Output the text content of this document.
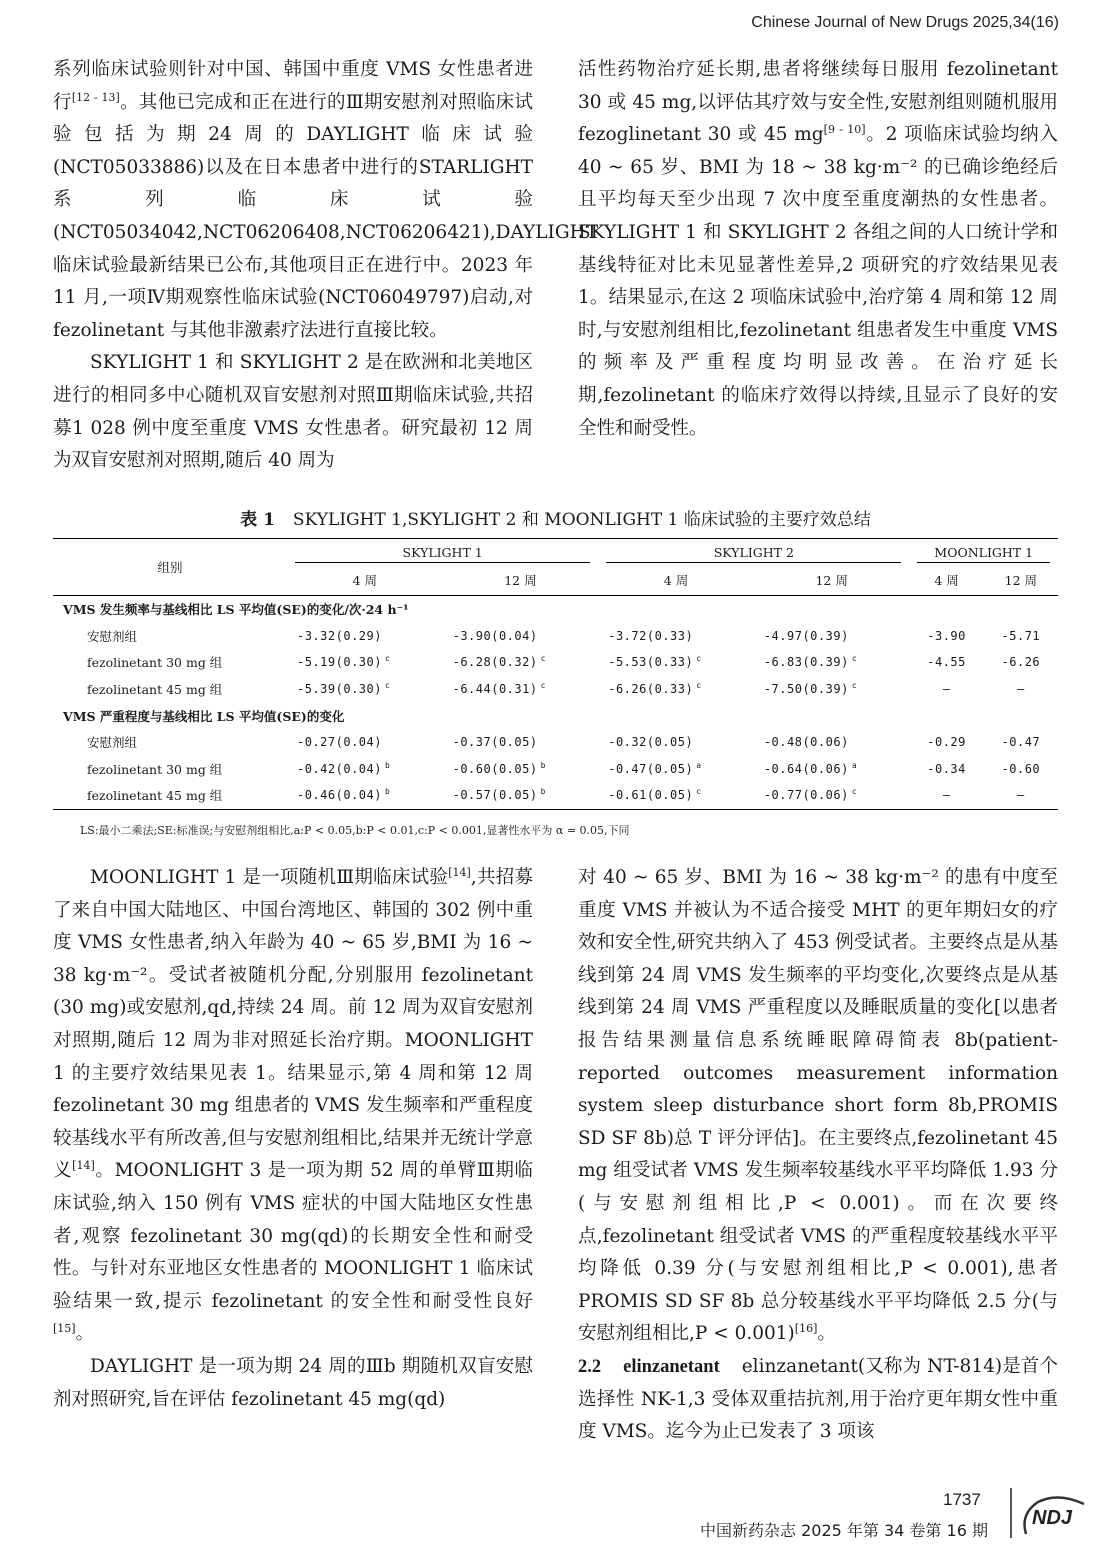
Chinese Journal of New Drugs 2025,34(16)

系列临床试验则针对中国、韩国中重度 VMS 女性患者进行[12 - 13]。其他已完成和正在进行的Ⅲ期安慰剂对照临床试验包括为期24周的DAYLIGHT临床试验(NCT05033886)以及在日本患者中进行的STARLIGHT系列临床试验(NCT05034042,NCT06206408,NCT06206421),DAYLIGHT临床试验最新结果已公布,其他项目正在进行中。2023 年 11 月,一项Ⅳ期观察性临床试验(NCT06049797)启动,对 fezolinetant 与其他非激素疗法进行直接比较。

SKYLIGHT 1 和 SKYLIGHT 2 是在欧洲和北美地区进行的相同多中心随机双盲安慰剂对照Ⅲ期临床试验,共招募1 028 例中度至重度 VMS 女性患者。研究最初 12 周为双盲安慰剂对照期,随后 40 周为

活性药物治疗延长期,患者将继续每日服用 fezolinetant 30 或 45 mg,以评估其疗效与安全性,安慰剂组则随机服用 fezoglinetant 30 或 45 mg[9 - 10]。2 项临床试验均纳入 40 ~ 65 岁、BMI 为 18 ~ 38 kg·m⁻² 的已确诊绝经后且平均每天至少出现 7 次中度至重度潮热的女性患者。SKYLIGHT 1 和 SKYLIGHT 2 各组之间的人口统计学和基线特征对比未见显著性差异,2 项研究的疗效结果见表 1。结果显示,在这 2 项临床试验中,治疗第 4 周和第 12 周时,与安慰剂组相比,fezolinetant 组患者发生中重度 VMS 的频率及严重程度均明显改善。在治疗延长期,fezolinetant 的临床疗效得以持续,且显示了良好的安全性和耐受性。

表 1 SKYLIGHT 1,SKYLIGHT 2 和 MOONLIGHT 1 临床试验的主要疗效总结
组别	SKYLIGHT 1		SKYLIGHT 2		MOONLIGHT 1	
	4 周	12 周	4 周	12 周	4 周	12 周
VMS 发生频率与基线相比 LS 平均值(SE)的变化/次·24 h⁻¹						
安慰剂组	-3.32(0.29)	-3.90(0.04)	-3.72(0.33)	-4.97(0.39)	-3.90	-5.71
fezolinetant 30 mg 组	-5.19(0.30) $^c$	-6.28(0.32) $^c$	-5.53(0.33) $^c$	-6.83(0.39) $^c$	-4.55	-6.26
fezolinetant 45 mg 组	-5.39(0.30) $^c$	-6.44(0.31) $^c$	-6.26(0.33) $^c$	-7.50(0.39) $^c$	—	—
VMS 严重程度与基线相比 LS 平均值(SE)的变化						
安慰剂组	-0.27(0.04)	-0.37(0.05)	-0.32(0.05)	-0.48(0.06)	-0.29	-0.47
fezolinetant 30 mg 组	-0.42(0.04) $^b$	-0.60(0.05) $^b$	-0.47(0.05) $^a$	-0.64(0.06) $^a$	-0.34	-0.60
fezolinetant 45 mg 组	-0.46(0.04) $^b$	-0.57(0.05) $^b$	-0.61(0.05) $^c$	-0.77(0.06) $^c$	—	—
LS:最小二乘法;SE:标准误;与安慰剂组相比,a:P < 0.05,b:P < 0.01,c:P < 0.001,显著性水平为 α = 0.05,下同

MOONLIGHT 1 是一项随机Ⅲ期临床试验[14],共招募了来自中国大陆地区、中国台湾地区、韩国的 302 例中重度 VMS 女性患者,纳入年龄为 40 ~ 65 岁,BMI 为 16 ~ 38 kg·m⁻²。受试者被随机分配,分别服用 fezolinetant (30 mg)或安慰剂,qd,持续 24 周。前 12 周为双盲安慰剂对照期,随后 12 周为非对照延长治疗期。MOONLIGHT 1 的主要疗效结果见表 1。结果显示,第 4 周和第 12 周 fezolinetant 30 mg 组患者的 VMS 发生频率和严重程度较基线水平有所改善,但与安慰剂组相比,结果并无统计学意义[14]。MOONLIGHT 3 是一项为期 52 周的单臂Ⅲ期临床试验,纳入 150 例有 VMS 症状的中国大陆地区女性患者,观察 fezolinetant 30 mg(qd)的长期安全性和耐受性。与针对东亚地区女性患者的 MOONLIGHT 1 临床试验结果一致,提示 fezolinetant 的安全性和耐受性良好[15]。

DAYLIGHT 是一项为期 24 周的Ⅲb 期随机双盲安慰剂对照研究,旨在评估 fezolinetant 45 mg(qd)

对 40 ~ 65 岁、BMI 为 16 ~ 38 kg·m⁻² 的患有中度至重度 VMS 并被认为不适合接受 MHT 的更年期妇女的疗效和安全性,研究共纳入了 453 例受试者。主要终点是从基线到第 24 周 VMS 发生频率的平均变化,次要终点是从基线到第 24 周 VMS 严重程度以及睡眠质量的变化[以患者报告结果测量信息系统睡眠障碍简表 8b(patient-reported outcomes measurement information system sleep disturbance short form 8b,PROMIS SD SF 8b)总 T 评分评估]。在主要终点,fezolinetant 45 mg 组受试者 VMS 发生频率较基线水平平均降低 1.93 分(与安慰剂组相比,P < 0.001)。而在次要终点,fezolinetant 组受试者 VMS 的严重程度较基线水平平均降低 0.39 分(与安慰剂组相比,P < 0.001),患者 PROMIS SD SF 8b 总分较基线水平平均降低 2.5 分(与安慰剂组相比,P < 0.001)[16]。

2.2 elinzanetant elinzanetant(又称为 NT-814)是首个选择性 NK-1,3 受体双重拮抗剂,用于治疗更年期女性中重度 VMS。迄今为止已发表了 3 项该

1737
中国新药杂志 2025 年第 34 卷第 16 期
NDJ
